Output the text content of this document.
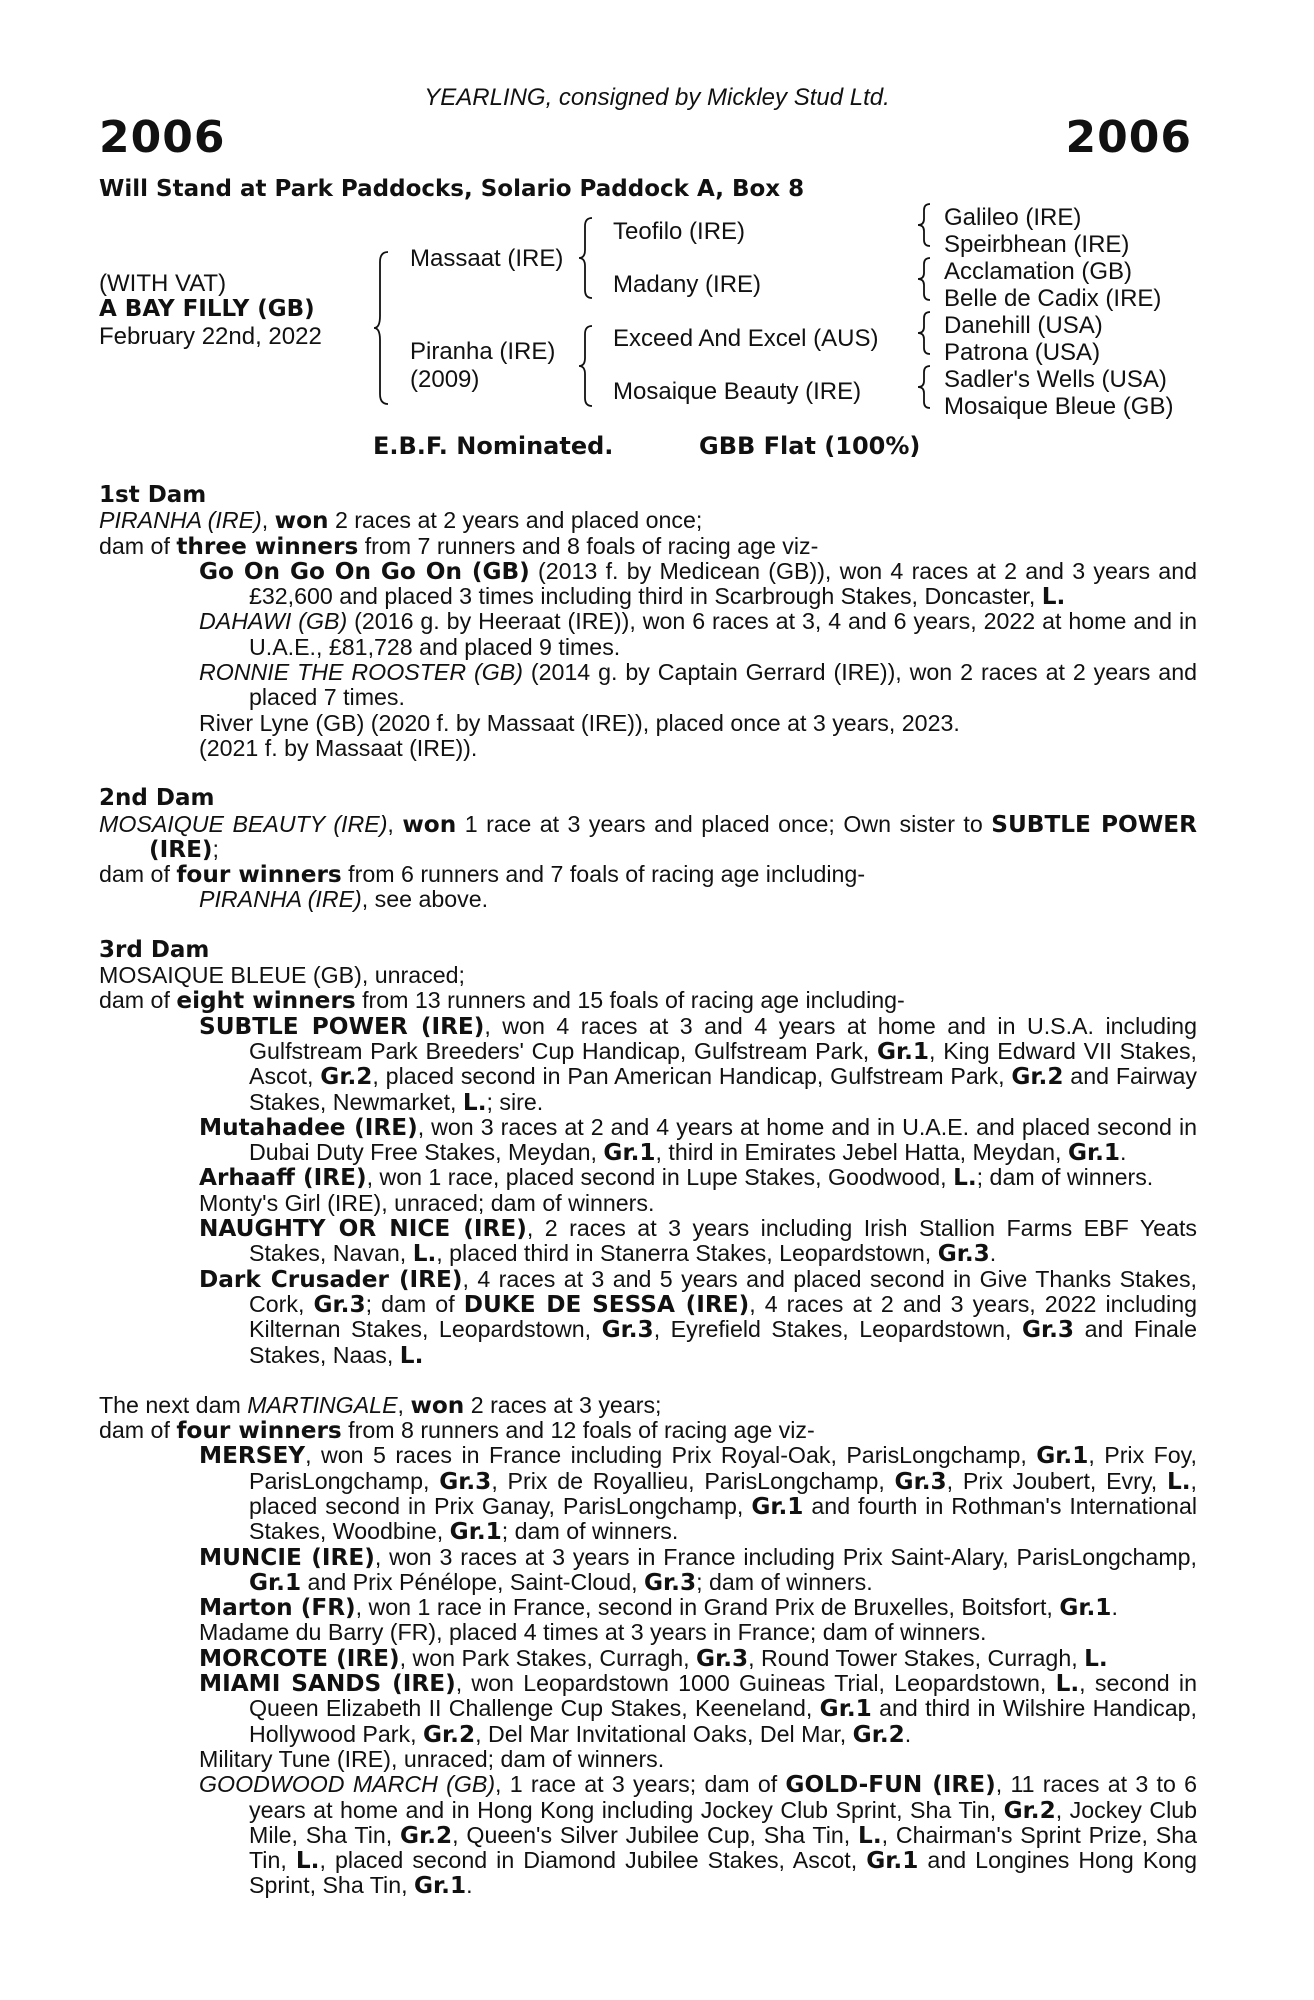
YEARLING, consigned by Mickley Stud Ltd.
2006	2006
Will Stand at Park Paddocks, Solario Paddock A, Box 8
(WITH VAT)
A BAY FILLY (GB)
February 22nd, 2022
Massaat (IRE)
Piranha (IRE)
(2009)
Teofilo (IRE)
Madany (IRE)
Exceed And Excel (AUS)
Mosaique Beauty (IRE)
Galileo (IRE)
Speirbhean (IRE)
Acclamation (GB)
Belle de Cadix (IRE)
Danehill (USA)
Patrona (USA)
Sadler's Wells (USA)
Mosaique Bleue (GB)
E.B.F. Nominated.	GBB Flat (100%)

1st Dam

PIRANHA (IRE), won 2 races at 2 years and placed once;

dam of three winners from 7 runners and 8 foals of racing age viz-

Go On Go On Go On (GB) (2013 f. by Medicean (GB)), won 4 races at 2 and 3 years and £32,600 and placed 3 times including third in Scarbrough Stakes, Doncaster, L.

DAHAWI (GB) (2016 g. by Heeraat (IRE)), won 6 races at 3, 4 and 6 years, 2022 at home and in U.A.E., £81,728 and placed 9 times.

RONNIE THE ROOSTER (GB) (2014 g. by Captain Gerrard (IRE)), won 2 races at 2 years and placed 7 times.

River Lyne (GB) (2020 f. by Massaat (IRE)), placed once at 3 years, 2023.

(2021 f. by Massaat (IRE)).

2nd Dam

MOSAIQUE BEAUTY (IRE), won 1 race at 3 years and placed once; Own sister to SUBTLE POWER (IRE);

dam of four winners from 6 runners and 7 foals of racing age including-

PIRANHA (IRE), see above.

3rd Dam

MOSAIQUE BLEUE (GB), unraced;

dam of eight winners from 13 runners and 15 foals of racing age including-

SUBTLE POWER (IRE), won 4 races at 3 and 4 years at home and in U.S.A. including Gulfstream Park Breeders' Cup Handicap, Gulfstream Park, Gr.1, King Edward VII Stakes, Ascot, Gr.2, placed second in Pan American Handicap, Gulfstream Park, Gr.2 and Fairway Stakes, Newmarket, L.; sire.

Mutahadee (IRE), won 3 races at 2 and 4 years at home and in U.A.E. and placed second in Dubai Duty Free Stakes, Meydan, Gr.1, third in Emirates Jebel Hatta, Meydan, Gr.1.

Arhaaff (IRE), won 1 race, placed second in Lupe Stakes, Goodwood, L.; dam of winners.

Monty's Girl (IRE), unraced; dam of winners.

NAUGHTY OR NICE (IRE), 2 races at 3 years including Irish Stallion Farms EBF Yeats Stakes, Navan, L., placed third in Stanerra Stakes, Leopardstown, Gr.3.

Dark Crusader (IRE), 4 races at 3 and 5 years and placed second in Give Thanks Stakes, Cork, Gr.3; dam of DUKE DE SESSA (IRE), 4 races at 2 and 3 years, 2022 including Kilternan Stakes, Leopardstown, Gr.3, Eyrefield Stakes, Leopardstown, Gr.3 and Finale Stakes, Naas, L.

The next dam MARTINGALE, won 2 races at 3 years;

dam of four winners from 8 runners and 12 foals of racing age viz-

MERSEY, won 5 races in France including Prix Royal-Oak, ParisLongchamp, Gr.1, Prix Foy, ParisLongchamp, Gr.3, Prix de Royallieu, ParisLongchamp, Gr.3, Prix Joubert, Evry, L., placed second in Prix Ganay, ParisLongchamp, Gr.1 and fourth in Rothman's International Stakes, Woodbine, Gr.1; dam of winners.

MUNCIE (IRE), won 3 races at 3 years in France including Prix Saint-Alary, ParisLongchamp, Gr.1 and Prix Pénélope, Saint-Cloud, Gr.3; dam of winners.

Marton (FR), won 1 race in France, second in Grand Prix de Bruxelles, Boitsfort, Gr.1.

Madame du Barry (FR), placed 4 times at 3 years in France; dam of winners.

MORCOTE (IRE), won Park Stakes, Curragh, Gr.3, Round Tower Stakes, Curragh, L.

MIAMI SANDS (IRE), won Leopardstown 1000 Guineas Trial, Leopardstown, L., second in Queen Elizabeth II Challenge Cup Stakes, Keeneland, Gr.1 and third in Wilshire Handicap, Hollywood Park, Gr.2, Del Mar Invitational Oaks, Del Mar, Gr.2.

Military Tune (IRE), unraced; dam of winners.

GOODWOOD MARCH (GB), 1 race at 3 years; dam of GOLD-FUN (IRE), 11 races at 3 to 6 years at home and in Hong Kong including Jockey Club Sprint, Sha Tin, Gr.2, Jockey Club Mile, Sha Tin, Gr.2, Queen's Silver Jubilee Cup, Sha Tin, L., Chairman's Sprint Prize, Sha Tin, L., placed second in Diamond Jubilee Stakes, Ascot, Gr.1 and Longines Hong Kong Sprint, Sha Tin, Gr.1.
